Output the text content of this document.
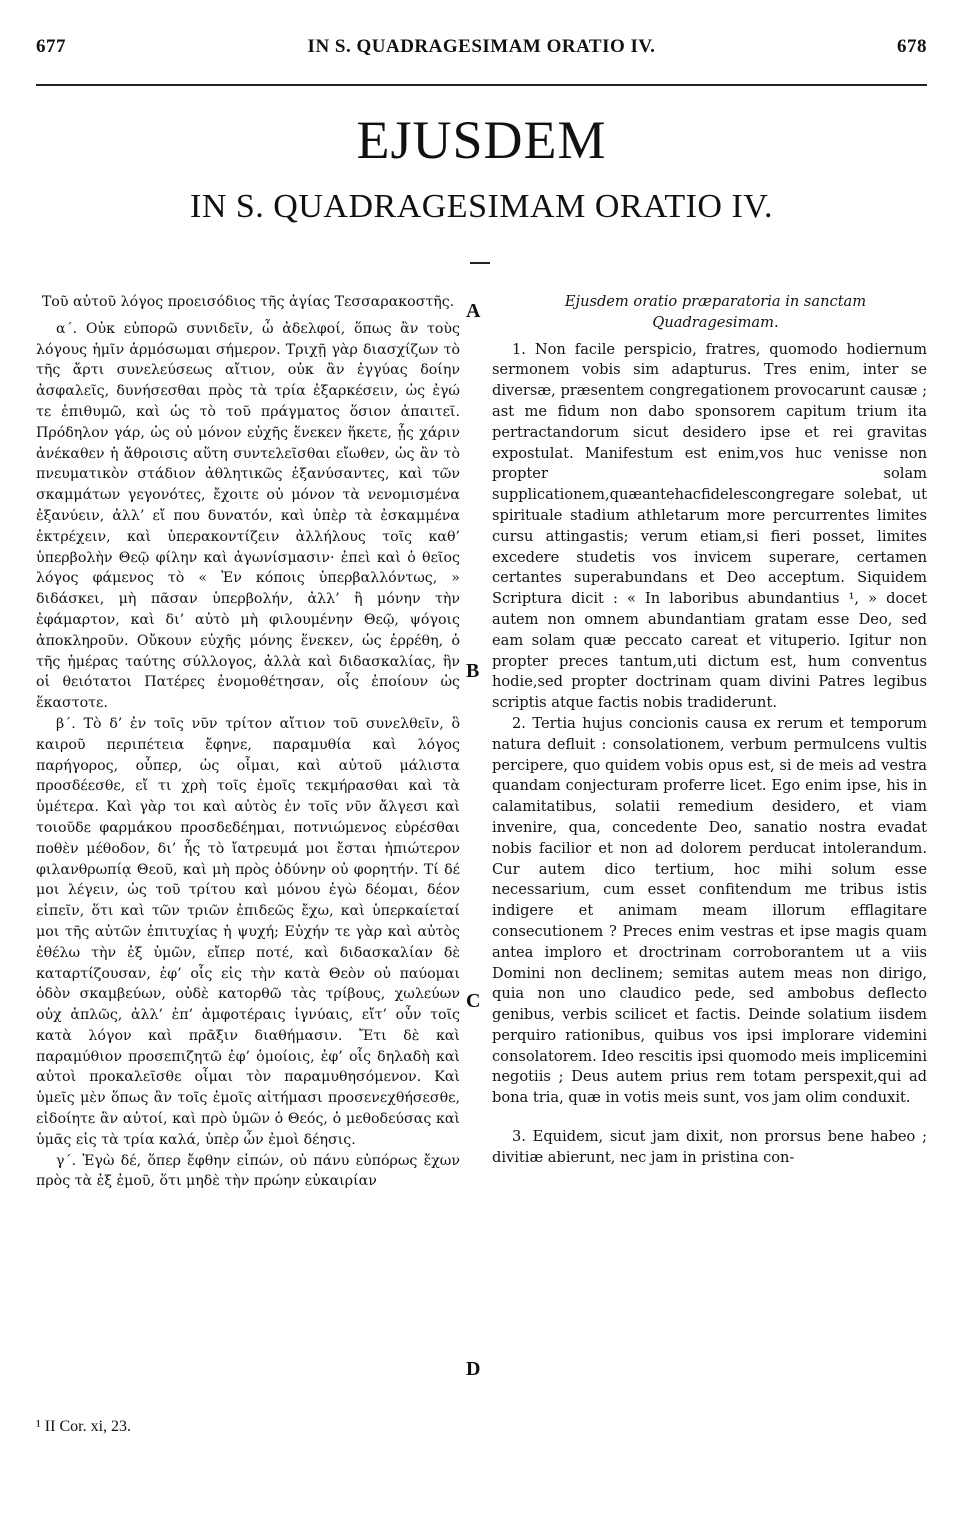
677	IN S. QUADRAGESIMAM ORATIO IV.	678
EJUSDEM
IN S. QUADRAGESIMAM ORATIO IV.

Τοῦ αὐτοῦ λόγος προεισόδιος τῆς ἁγίας Τεσσαρακοστῆς.

α΄. Οὐκ εὐπορῶ συνιδεῖν, ὦ ἀδελφοί, ὅπως ἂν τοὺς λόγους ἡμῖν ἁρμόσωμαι σήμερον. Τριχῇ γὰρ διασχίζων τὸ τῆς ἄρτι συνελεύσεως αἴτιον, οὐκ ἂν ἐγγύας δοίην ἀσφαλεῖς, δυνήσεσθαι πρὸς τὰ τρία ἐξαρκέσειν, ὡς ἐγώ τε ἐπιθυμῶ, καὶ ὡς τὸ τοῦ πράγματος ὅσιον ἀπαιτεῖ. Πρόδηλον γάρ, ὡς οὐ μόνον εὐχῆς ἕνεκεν ἥκετε, ᾗς χάριν ἀνέκαθεν ἡ ἄθροισις αὕτη συντελεῖσθαι εἴωθεν, ὡς ἂν τὸ πνευματικὸν στάδιον ἀθλητικῶς ἐξανύσαντες, καὶ τῶν σκαμμάτων γεγονότες, ἔχοιτε οὐ μόνον τὰ νενομισμένα ἐξανύειν, ἀλλ’ εἴ που δυνατόν, καὶ ὑπὲρ τὰ ἐσκαμμένα ἐκτρέχειν, καὶ ὑπερακοντίζειν ἀλλήλους τοῖς καθ’ ὑπερβολὴν Θεῷ φίλην καὶ ἀγωνίσμασιν· ἐπεὶ καὶ ὁ θεῖος λόγος φάμενος τὸ « Ἐν κόποις ὑπερβαλλόντως, » διδάσκει, μὴ πᾶσαν ὑπερβολήν, ἀλλ’ ἢ μόνην τὴν ἐφάμαρτον, καὶ δι’ αὐτὸ μὴ φιλουμένην Θεῷ, ψόγοις ἀποκληροῦν. Οὔκουν εὐχῆς μόνης ἕνεκεν, ὡς ἐρρέθη, ὁ τῆς ἡμέρας ταύτης σύλλογος, ἀλλὰ καὶ διδασκαλίας, ἣν οἱ θειότατοι Πατέρες ἐνομοθέτησαν, οἷς ἐποίουν ὡς ἕκαστοτε.

β΄. Τὸ δ’ ἐν τοῖς νῦν τρίτον αἴτιον τοῦ συνελθεῖν, ὃ καιροῦ περιπέτεια ἔφηνε, παραμυθία καὶ λόγος παρήγορος, οὗπερ, ὡς οἶμαι, καὶ αὐτοῦ μάλιστα προσδέεσθε, εἴ τι χρὴ τοῖς ἐμοῖς τεκμήρασθαι καὶ τὰ ὑμέτερα. Καὶ γὰρ τοι καὶ αὐτὸς ἐν τοῖς νῦν ἄλγεσι καὶ τοιοῦδε φαρμάκου προσδεδέημαι, ποτνιώμενος εὑρέσθαι ποθὲν μέθοδον, δι’ ἧς τὸ ἴατρευμά μοι ἔσται ἠπιώτερον φιλανθρωπίᾳ Θεοῦ, καὶ μὴ πρὸς ὀδύνην οὐ φορητήν. Τί δέ μοι λέγειν, ὡς τοῦ τρίτου καὶ μόνου ἐγὼ δέομαι, δέον εἰπεῖν, ὅτι καὶ τῶν τριῶν ἐπιδεῶς ἔχω, καὶ ὑπερκαίεταί μοι τῆς αὐτῶν ἐπιτυχίας ἡ ψυχή; Εὐχήν τε γὰρ καὶ αὐτὸς ἐθέλω τὴν ἐξ ὑμῶν, εἴπερ ποτέ, καὶ διδασκαλίαν δὲ καταρτίζουσαν, ἐφ’ οἷς εἰς τὴν κατὰ Θεὸν οὐ παύομαι ὁδὸν σκαμβεύων, οὐδὲ κατορθῶ τὰς τρίβους, χωλεύων οὐχ ἁπλῶς, ἀλλ’ ἐπ’ ἀμφοτέραις ἰγνύαις, εἴτ’ οὖν τοῖς κατὰ λόγον καὶ πρᾶξιν διαθήμασιν. Ἔτι δὲ καὶ παραμύθιον προσεπιζητῶ ἐφ’ ὁμοίοις, ἐφ’ οἷς δηλαδὴ καὶ αὐτοὶ προκαλεῖσθε οἶμαι τὸν παραμυθησόμενον. Καὶ ὑμεῖς μὲν ὅπως ἂν τοῖς ἐμοῖς αἰτήμασι προσενεχθήσεσθε, εἰδοίητε ἂν αὐτοί, καὶ πρὸ ὑμῶν ὁ Θεός, ὁ μεθοδεύσας καὶ ὑμᾶς εἰς τὰ τρία καλά, ὑπὲρ ὧν ἐμοὶ δέησις.

γ΄. Ἐγὼ δέ, ὅπερ ἔφθην εἰπών, οὐ πάνυ εὐπόρως ἔχων πρὸς τὰ ἐξ ἐμοῦ, ὅτι μηδὲ τὴν πρώην εὐκαιρίαν

Ejusdem oratio præparatoria in sanctam Quadragesimam.

1. Non facile perspicio, fratres, quomodo hodiernum sermonem vobis sim adapturus. Tres enim, inter se diversæ, præsentem congregationem provocarunt causæ ; ast me fidum non dabo sponsorem capitum trium ita pertractandorum sicut desidero ipse et rei gravitas expostulat. Manifestum est enim,vos huc venisse non propter solam supplicationem,quæantehacfidelescongregare solebat, ut spirituale stadium athletarum more percurrentes limites cursu attingastis; verum etiam,si fieri posset, limites excedere studetis vos invicem superare, certamen certantes superabundans et Deo acceptum. Siquidem Scriptura dicit : « In laboribus abundantius ¹, » docet autem non omnem abundantiam gratam esse Deo, sed eam solam quæ peccato careat et vituperio. Igitur non propter preces tantum,uti dictum est, hum conventus hodie,sed propter doctrinam quam divini Patres legibus scriptis atque factis nobis tradiderunt.

2. Tertia hujus concionis causa ex rerum et temporum natura defluit : consolationem, verbum permulcens vultis percipere, quo quidem vobis opus est, si de meis ad vestra quandam conjecturam proferre licet. Ego enim ipse, his in calamitatibus, solatii remedium desidero, et viam invenire, qua, concedente Deo, sanatio nostra evadat nobis facilior et non ad dolorem perducat intolerandum. Cur autem dico tertium, hoc mihi solum esse necessarium, cum esset confitendum me tribus istis indigere et animam meam illorum efflagitare consecutionem ? Preces enim vestras et ipse magis quam antea imploro et droctrinam corroborantem ut a viis Domini non declinem; semitas autem meas non dirigo, quia non uno claudico pede, sed ambobus deflecto genibus, verbis scilicet et factis. Deinde solatium iisdem perquiro rationibus, quibus vos ipsi implorare videmini consolatorem. Ideo rescitis ipsi quomodo meis implicemini negotiis ; Deus autem prius rem totam perspexit,qui ad bona tria, quæ in votis meis sunt, vos jam olim conduxit.

3. Equidem, sicut jam dixit, non prorsus bene habeo ; divitiæ abierunt, nec jam in pristina con-

A
B
C
D
¹ II Cor. xi, 23.
